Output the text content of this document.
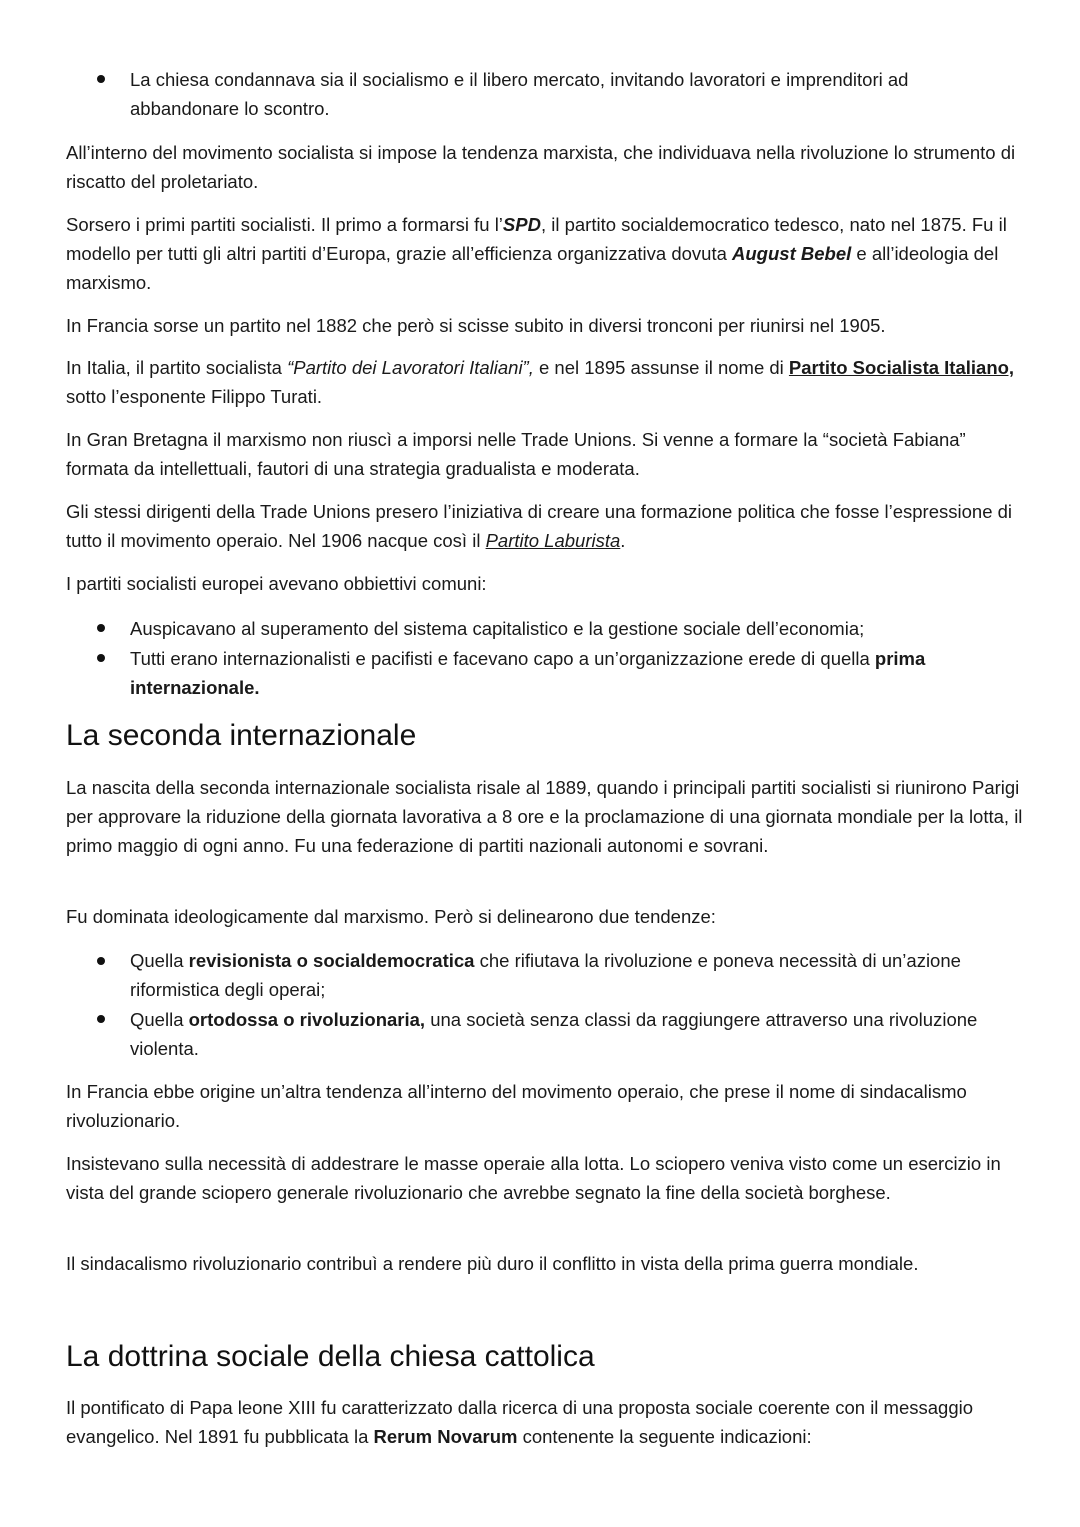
La chiesa condannava sia il socialismo e il libero mercato, invitando lavoratori e imprenditori ad abbandonare lo scontro.

All’interno del movimento socialista si impose la tendenza marxista, che individuava nella rivoluzione lo strumento di riscatto del proletariato.

Sorsero i primi partiti socialisti. Il primo a formarsi fu l’SPD, il partito socialdemocratico tedesco, nato nel 1875. Fu il modello per tutti gli altri partiti d’Europa, grazie all’efficienza organizzativa dovuta August Bebel e all’ideologia del marxismo.

In Francia sorse un partito nel 1882 che però si scisse subito in diversi tronconi per riunirsi nel 1905.

In Italia, il partito socialista “Partito dei Lavoratori Italiani”, e nel 1895 assunse il nome di Partito Socialista Italiano, sotto l’esponente Filippo Turati.

In Gran Bretagna il marxismo non riuscì a imporsi nelle Trade Unions. Si venne a formare la “società Fabiana” formata da intellettuali, fautori di una strategia gradualista e moderata.

Gli stessi dirigenti della Trade Unions presero l’iniziativa di creare una formazione politica che fosse l’espressione di tutto il movimento operaio. Nel 1906 nacque così il Partito Laburista.

I partiti socialisti europei avevano obbiettivi comuni:

Auspicavano al superamento del sistema capitalistico e la gestione sociale dell’economia;

Tutti erano internazionalisti e pacifisti e facevano capo a un’organizzazione erede di quella prima internazionale.

La seconda internazionale

La nascita della seconda internazionale socialista risale al 1889, quando i principali partiti socialisti si riunirono Parigi per approvare la riduzione della giornata lavorativa a 8 ore e la proclamazione di una giornata mondiale per la lotta, il primo maggio di ogni anno. Fu una federazione di partiti nazionali autonomi e sovrani.

Fu dominata ideologicamente dal marxismo. Però si delinearono due tendenze:

Quella revisionista o socialdemocratica che rifiutava la rivoluzione e poneva necessità di un’azione riformistica degli operai;

Quella ortodossa o rivoluzionaria, una società senza classi da raggiungere attraverso una rivoluzione violenta.

In Francia ebbe origine un’altra tendenza all’interno del movimento operaio, che prese il nome di sindacalismo rivoluzionario.

Insistevano sulla necessità di addestrare le masse operaie alla lotta. Lo sciopero veniva visto come un esercizio in vista del grande sciopero generale rivoluzionario che avrebbe segnato la fine della società borghese.

Il sindacalismo rivoluzionario contribuì a rendere più duro il conflitto in vista della prima guerra mondiale.

La dottrina sociale della chiesa cattolica

Il pontificato di Papa leone XIII fu caratterizzato dalla ricerca di una proposta sociale coerente con il messaggio evangelico. Nel 1891 fu pubblicata la Rerum Novarum contenente la seguente indicazioni:
